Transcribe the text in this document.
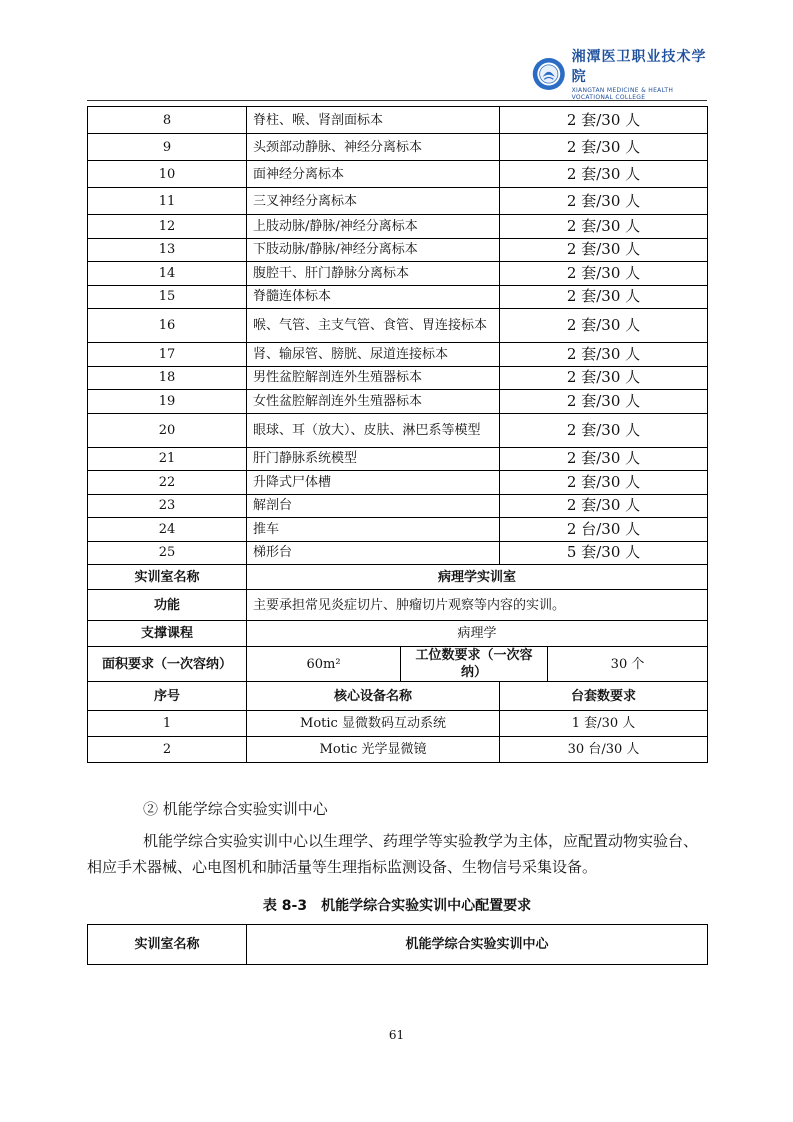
湘潭医卫职业技术学院
XIANGTAN MEDICINE & HEALTH VOCATIONAL COLLEGE
8	脊柱、喉、肾剖面标本		2 套/30 人	
9	头颈部动静脉、神经分离标本		2 套/30 人	
10	面神经分离标本		2 套/30 人	
11	三叉神经分离标本		2 套/30 人	
12	上肢动脉/静脉/神经分离标本		2 套/30 人	
13	下肢动脉/静脉/神经分离标本		2 套/30 人	
14	腹腔干、肝门静脉分离标本		2 套/30 人	
15	脊髓连体标本		2 套/30 人	
16	喉、气管、主支气管、食管、胃连接标本		2 套/30 人	
17	肾、输尿管、膀胱、尿道连接标本		2 套/30 人	
18	男性盆腔解剖连外生殖器标本		2 套/30 人	
19	女性盆腔解剖连外生殖器标本		2 套/30 人	
20	眼球、耳（放大）、皮肤、淋巴系等模型		2 套/30 人	
21	肝门静脉系统模型		2 套/30 人	
22	升降式尸体槽		2 套/30 人	
23	解剖台		2 套/30 人	
24	推车		2 台/30 人	
25	梯形台		5 套/30 人	
实训室名称	病理学实训室			
功能	主要承担常见炎症切片、肿瘤切片观察等内容的实训。			
支撑课程	病理学			
面积要求（一次容纳）	60m²	工位数要求（一次容纳）		30 个
序号	核心设备名称		台套数要求	
1	Motic 显微数码互动系统		1 套/30 人	
2	Motic 光学显微镜		30 台/30 人	
② 机能学综合实验实训中心
机能学综合实验实训中心以生理学、药理学等实验教学为主体，应配置动物实验台、相应手术器械、心电图机和肺活量等生理指标监测设备、生物信号采集设备。
表 8-3　机能学综合实验实训中心配置要求
实训室名称	机能学综合实验实训中心
61
